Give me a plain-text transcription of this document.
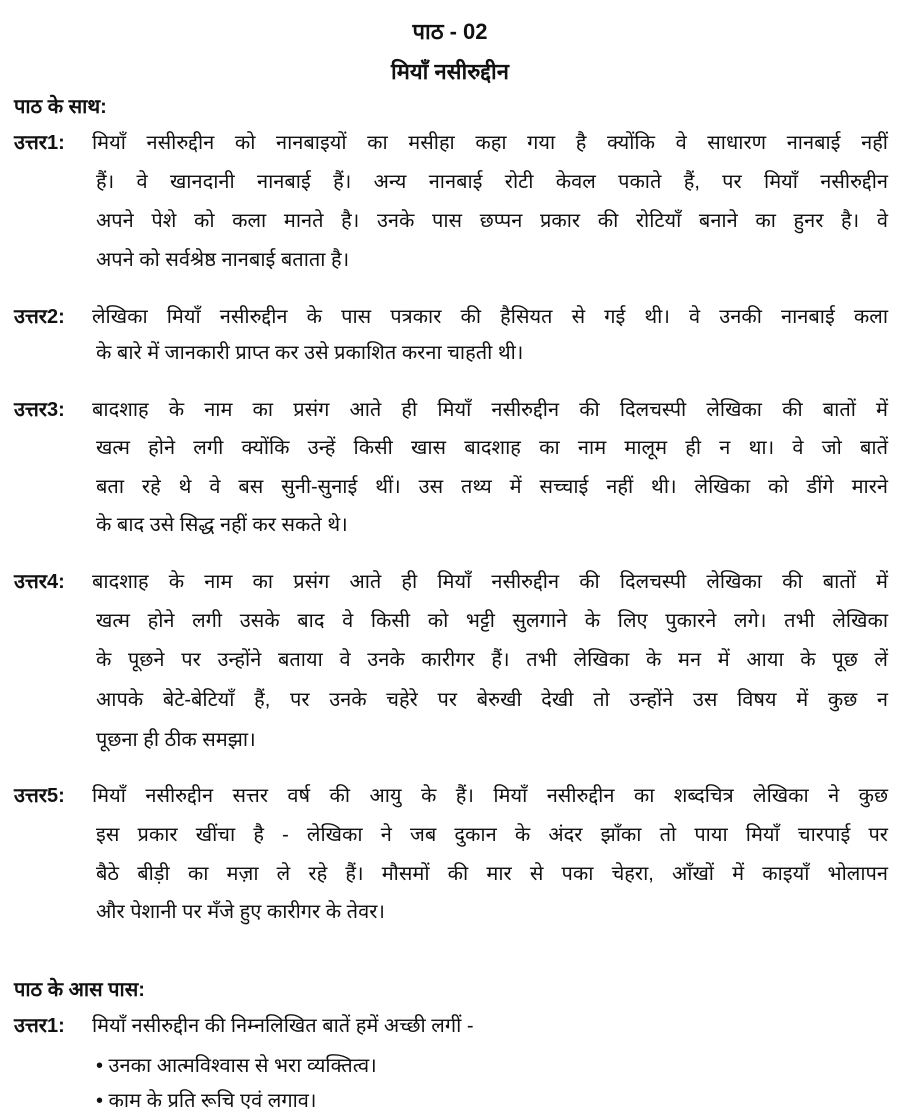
पाठ - 02
मियाँ नसीरुद्दीन
पाठ के साथ:
उत्तर1: मियाँ नसीरुद्दीन को नानबाइयों का मसीहा कहा गया है क्योंकि वे साधारण नानबाई नहीं
हैं। वे खानदानी नानबाई हैं। अन्य नानबाई रोटी केवल पकाते हैं, पर मियाँ नसीरुद्दीन
अपने पेशे को कला मानते है। उनके पास छप्पन प्रकार की रोटियाँ बनाने का हुनर है। वे
अपने को सर्वश्रेष्ठ नानबाई बताता है।
उत्तर2: लेखिका मियाँ नसीरुद्दीन के पास पत्रकार की हैसियत से गई थी। वे उनकी नानबाई कला
के बारे में जानकारी प्राप्त कर उसे प्रकाशित करना चाहती थी।
उत्तर3: बादशाह के नाम का प्रसंग आते ही मियाँ नसीरुद्दीन की दिलचस्पी लेखिका की बातों में
खत्म होने लगी क्योंकि उन्हें किसी खास बादशाह का नाम मालूम ही न था। वे जो बातें
बता रहे थे वे बस सुनी-सुनाई थीं। उस तथ्य में सच्चाई नहीं थी। लेखिका को डींगे मारने
के बाद उसे सिद्ध नहीं कर सकते थे।
उत्तर4: बादशाह के नाम का प्रसंग आते ही मियाँ नसीरुद्दीन की दिलचस्पी लेखिका की बातों में
खत्म होने लगी उसके बाद वे किसी को भट्टी सुलगाने के लिए पुकारने लगे। तभी लेखिका
के पूछने पर उन्होंने बताया वे उनके कारीगर हैं। तभी लेखिका के मन में आया के पूछ लें
आपके बेटे-बेटियाँ हैं, पर उनके चहेरे पर बेरुखी देखी तो उन्होंने उस विषय में कुछ न
पूछना ही ठीक समझा।
उत्तर5: मियाँ नसीरुद्दीन सत्तर वर्ष की आयु के हैं। मियाँ नसीरुद्दीन का शब्दचित्र लेखिका ने कुछ
इस प्रकार खींचा है - लेखिका ने जब दुकान के अंदर झाँका तो पाया मियाँ चारपाई पर
बैठे बीड़ी का मज़ा ले रहे हैं। मौसमों की मार से पका चेहरा, आँखों में काइयाँ भोलापन
और पेशानी पर मँजे हुए कारीगर के तेवर।
पाठ के आस पास:
उत्तर1: मियाँ नसीरुद्दीन की निम्नलिखित बातें हमें अच्छी लगीं -
• उनका आत्मविश्वास से भरा व्यक्तित्व।
• काम के प्रति रूचि एवं लगाव।
